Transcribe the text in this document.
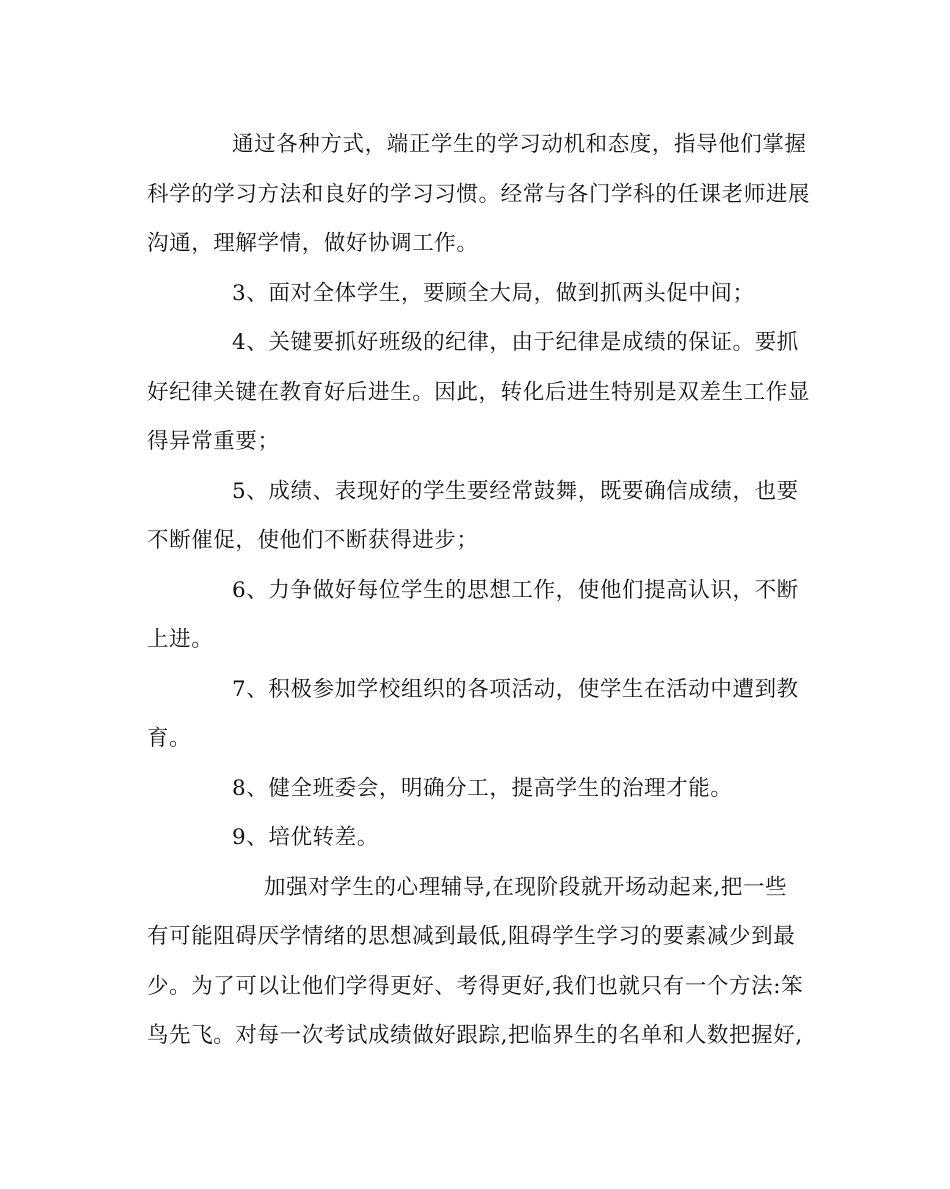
通过各种方式，端正学生的学习动机和态度，指导他们掌握
科学的学习方法和良好的学习习惯。经常与各门学科的任课老师进展
沟通，理解学情，做好协调工作。
3、面对全体学生，要顾全大局，做到抓两头促中间；
4、关键要抓好班级的纪律，由于纪律是成绩的保证。要抓
好纪律关键在教育好后进生。因此，转化后进生特别是双差生工作显
得异常重要；
5、成绩、表现好的学生要经常鼓舞，既要确信成绩，也要
不断催促，使他们不断获得进步；
6、力争做好每位学生的思想工作，使他们提高认识，不断
上进。
7、积极参加学校组织的各项活动，使学生在活动中遭到教
育。
8、健全班委会，明确分工，提高学生的治理才能。
9、培优转差。
加强对学生的心理辅导,在现阶段就开场动起来,把一些
有可能阻碍厌学情绪的思想减到最低,阻碍学生学习的要素减少到最
少。为了可以让他们学得更好、考得更好,我们也就只有一个方法:笨
鸟先飞。对每一次考试成绩做好跟踪,把临界生的名单和人数把握好,
